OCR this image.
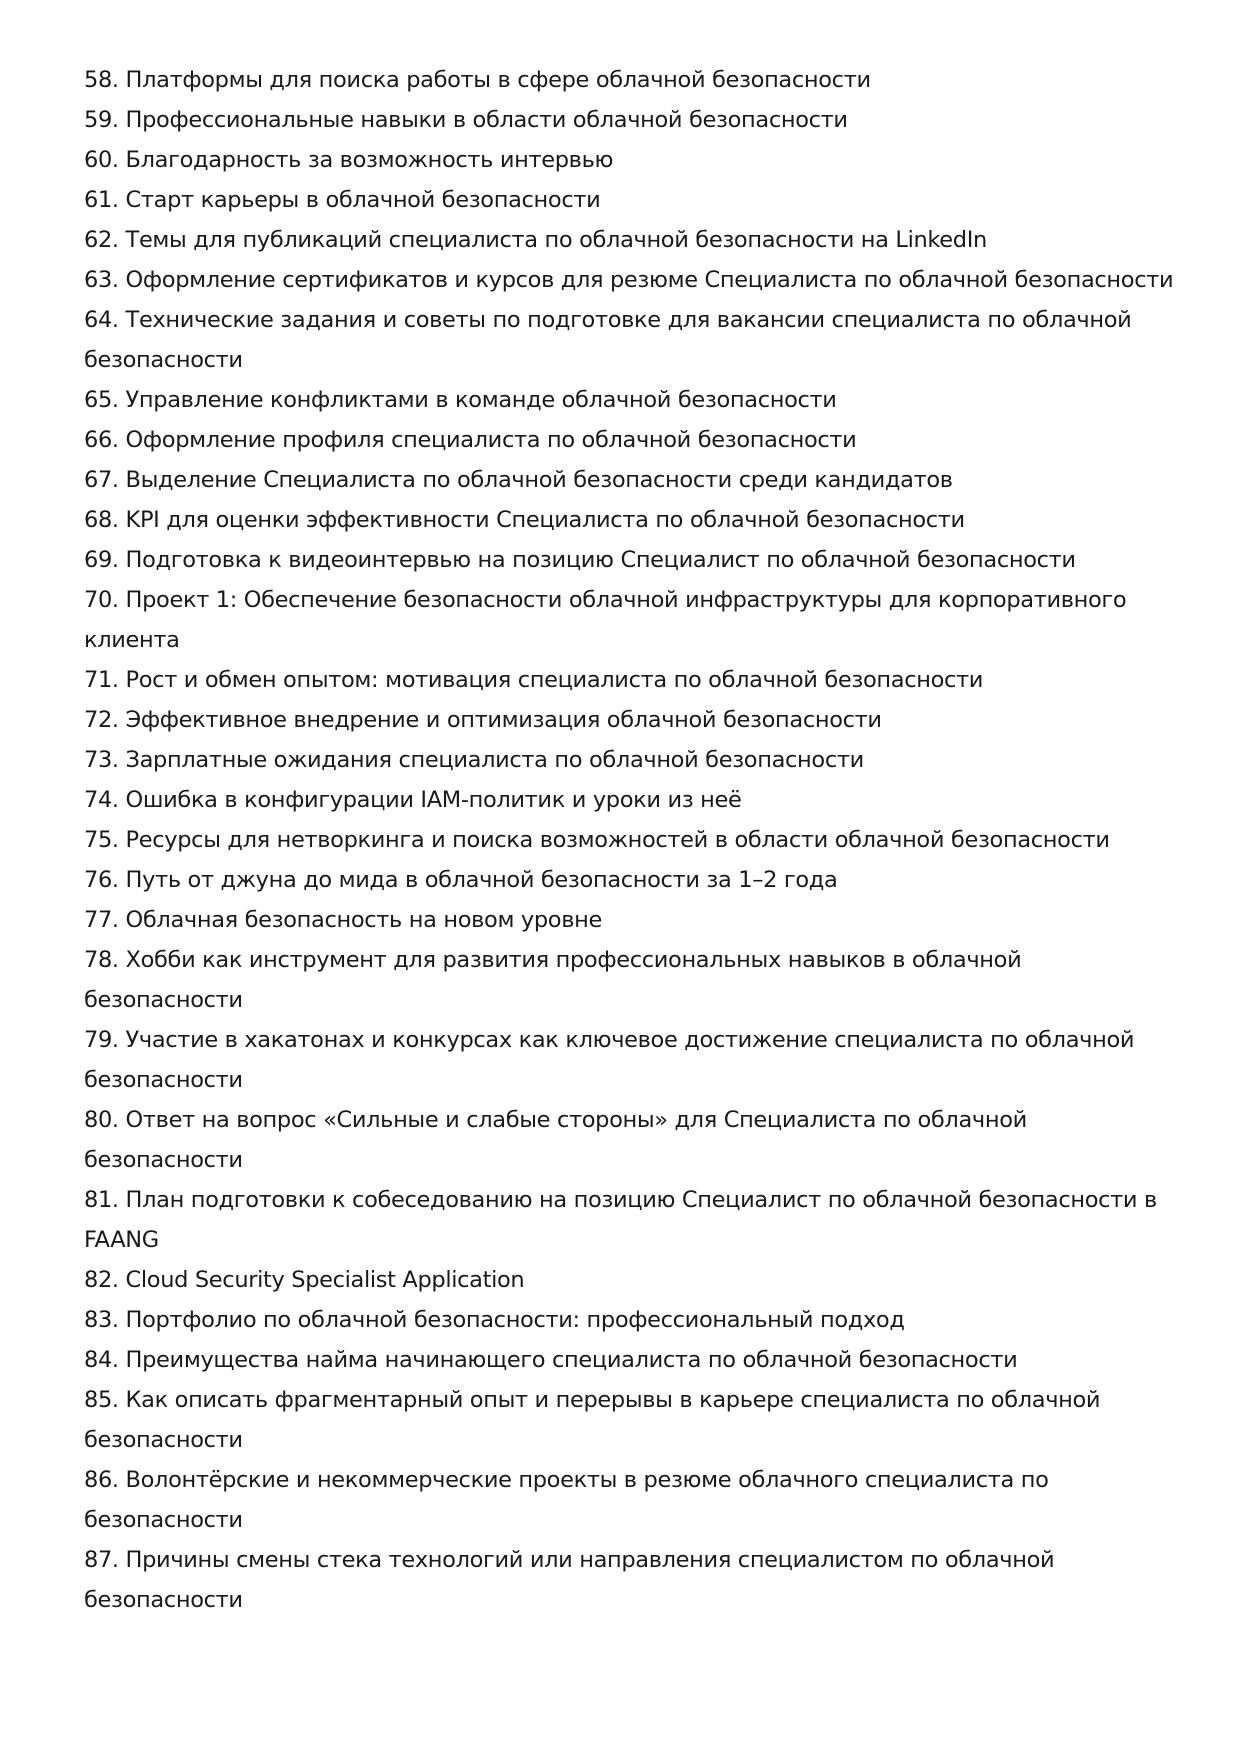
58. Платформы для поиска работы в сфере облачной безопасности
59. Профессиональные навыки в области облачной безопасности
60. Благодарность за возможность интервью
61. Старт карьеры в облачной безопасности
62. Темы для публикаций специалиста по облачной безопасности на LinkedIn
63. Оформление сертификатов и курсов для резюме Специалиста по облачной безопасности
64. Технические задания и советы по подготовке для вакансии специалиста по облачной безопасности
65. Управление конфликтами в команде облачной безопасности
66. Оформление профиля специалиста по облачной безопасности
67. Выделение Специалиста по облачной безопасности среди кандидатов
68. KPI для оценки эффективности Специалиста по облачной безопасности
69. Подготовка к видеоинтервью на позицию Специалист по облачной безопасности
70. Проект 1: Обеспечение безопасности облачной инфраструктуры для корпоративного клиента
71. Рост и обмен опытом: мотивация специалиста по облачной безопасности
72. Эффективное внедрение и оптимизация облачной безопасности
73. Зарплатные ожидания специалиста по облачной безопасности
74. Ошибка в конфигурации IAM-политик и уроки из неё
75. Ресурсы для нетворкинга и поиска возможностей в области облачной безопасности
76. Путь от джуна до мида в облачной безопасности за 1–2 года
77. Облачная безопасность на новом уровне
78. Хобби как инструмент для развития профессиональных навыков в облачной безопасности
79. Участие в хакатонах и конкурсах как ключевое достижение специалиста по облачной безопасности
80. Ответ на вопрос «Сильные и слабые стороны» для Специалиста по облачной безопасности
81. План подготовки к собеседованию на позицию Специалист по облачной безопасности в FAANG
82. Cloud Security Specialist Application
83. Портфолио по облачной безопасности: профессиональный подход
84. Преимущества найма начинающего специалиста по облачной безопасности
85. Как описать фрагментарный опыт и перерывы в карьере специалиста по облачной безопасности
86. Волонтёрские и некоммерческие проекты в резюме облачного специалиста по безопасности
87. Причины смены стека технологий или направления специалистом по облачной безопасности
